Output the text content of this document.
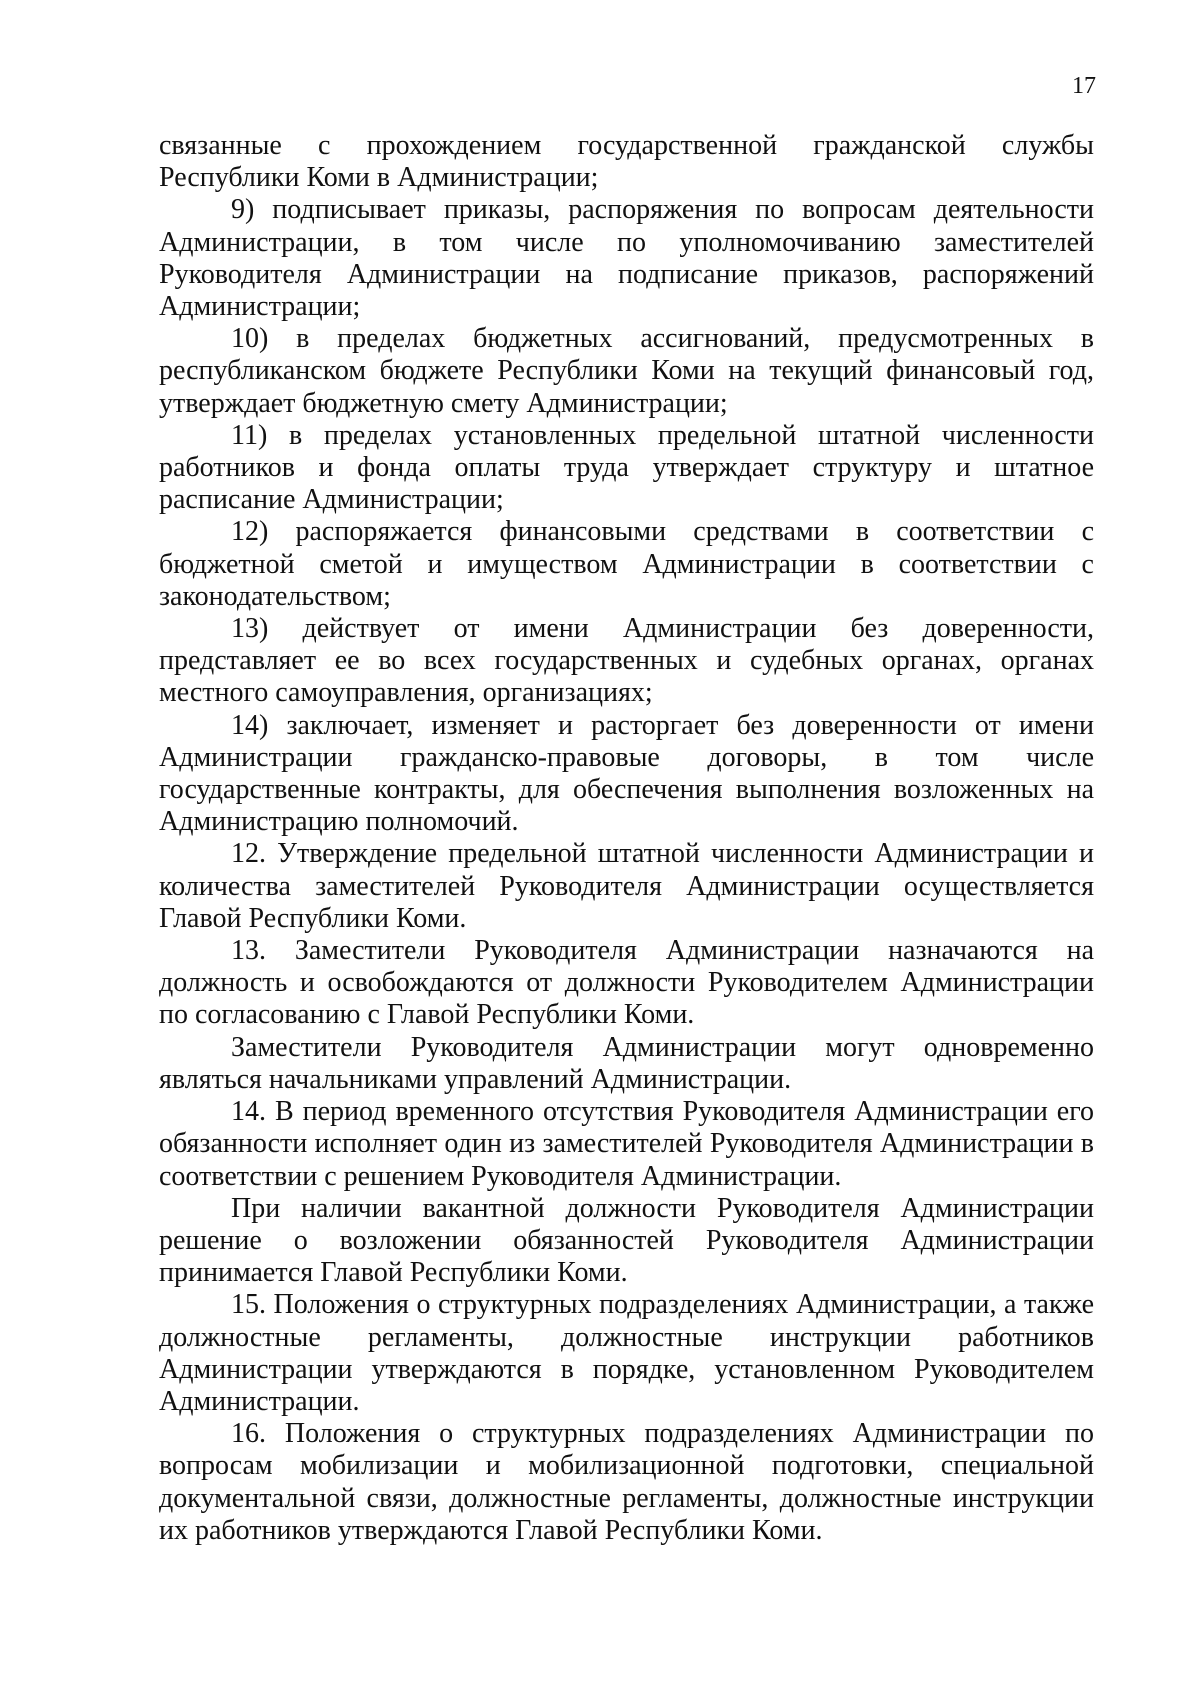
17

связанные с прохождением государственной гражданской службы Республики Коми в Администрации;

9) подписывает приказы, распоряжения по вопросам деятельности Администрации, в том числе по уполномочиванию заместителей Руководителя Администрации на подписание приказов, распоряжений Администрации;

10) в пределах бюджетных ассигнований, предусмотренных в республиканском бюджете Республики Коми на текущий финансовый год, утверждает бюджетную смету Администрации;

11) в пределах установленных предельной штатной численности работников и фонда оплаты труда утверждает структуру и штатное расписание Администрации;

12) распоряжается финансовыми средствами в соответствии с бюджетной сметой и имуществом Администрации в соответствии с законодательством;

13) действует от имени Администрации без доверенности, представляет ее во всех государственных и судебных органах, органах местного самоуправления, организациях;

14) заключает, изменяет и расторгает без доверенности от имени Администрации гражданско-правовые договоры, в том числе государственные контракты, для обеспечения выполнения возложенных на Администрацию полномочий.

12. Утверждение предельной штатной численности Администрации и количества заместителей Руководителя Администрации осуществляется Главой Республики Коми.

13. Заместители Руководителя Администрации назначаются на должность и освобождаются от должности Руководителем Администрации по согласованию с Главой Республики Коми.

Заместители Руководителя Администрации могут одновременно являться начальниками управлений Администрации.

14. В период временного отсутствия Руководителя Администрации его обязанности исполняет один из заместителей Руководителя Администрации в соответствии с решением Руководителя Администрации.

При наличии вакантной должности Руководителя Администрации решение о возложении обязанностей Руководителя Администрации принимается Главой Республики Коми.

15. Положения о структурных подразделениях Администрации, а также должностные регламенты, должностные инструкции работников Администрации утверждаются в порядке, установленном Руководителем Администрации.

16. Положения о структурных подразделениях Администрации по вопросам мобилизации и мобилизационной подготовки, специальной документальной связи, должностные регламенты, должностные инструкции их работников утверждаются Главой Республики Коми.
